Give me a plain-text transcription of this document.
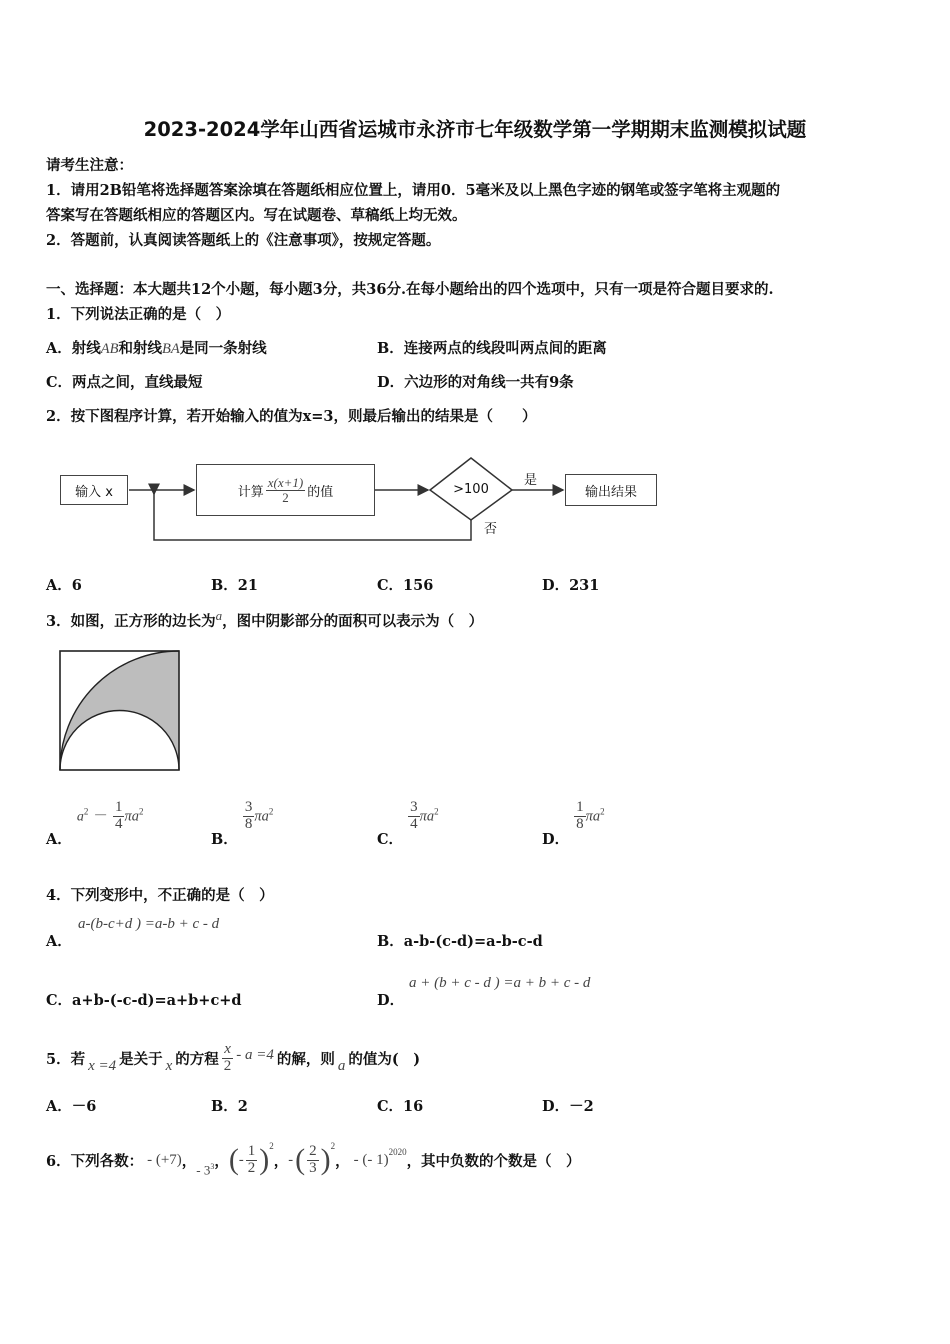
2023-2024学年山西省运城市永济市七年级数学第一学期期末监测模拟试题
请考生注意：
1．请用2B铅笔将选择题答案涂填在答题纸相应位置上，请用0．5毫米及以上黑色字迹的钢笔或签字笔将主观题的
答案写在答题纸相应的答题区内。写在试题卷、草稿纸上均无效。
2．答题前，认真阅读答题纸上的《注意事项》，按规定答题。
一、选择题：本大题共12个小题，每小题3分，共36分.在每小题给出的四个选项中，只有一项是符合题目要求的.
1．下列说法正确的是（　）
A．射线AB和射线BA是同一条射线	B．连接两点的线段叫两点间的距离
C．两点之间，直线最短	D．六边形的对角线一共有9条
2．按下图程序计算，若开始输入的值为x=3，则最后输出的结果是（　　）
输入 x	计算 $\frac{x(x+1)}{2}$ 的值	>100
是
否
输出结果
A．6	B．21	C．156	D．231
3．如图，正方形的边长为$^a$，图中阴影部分的面积可以表示为（　）
A． $a^2 - \frac{1}{4} \pi a^2$
B．
$\frac{3}{8} \pi a^2$
C．
$\frac{3}{4} \pi a^2$
D．
$\frac{1}{8} \pi a^2$
4．下列变形中，不正确的是（　）
A．
a-(b-c+d ) =a-b + c - d
B．a-b-(c-d)=a-b-c-d
C．a+b-(-c-d)=a+b+c+d	D．
a + (b + c - d ) =a + b + c - d
5．若 x =4 是关于 x 的方程 $\frac{x}{2} - a =4$ 的解，则 a 的值为(　)
A．－6	B．2	C．16	D．－2
6．下列各数： - (+7) ，
- $3^3$ ， ( - $\frac{1}{2} )^2$
， - ( $\frac{2}{3} )^2$
， - (- 1)$^{2020}$
，其中负数的个数是（　）
